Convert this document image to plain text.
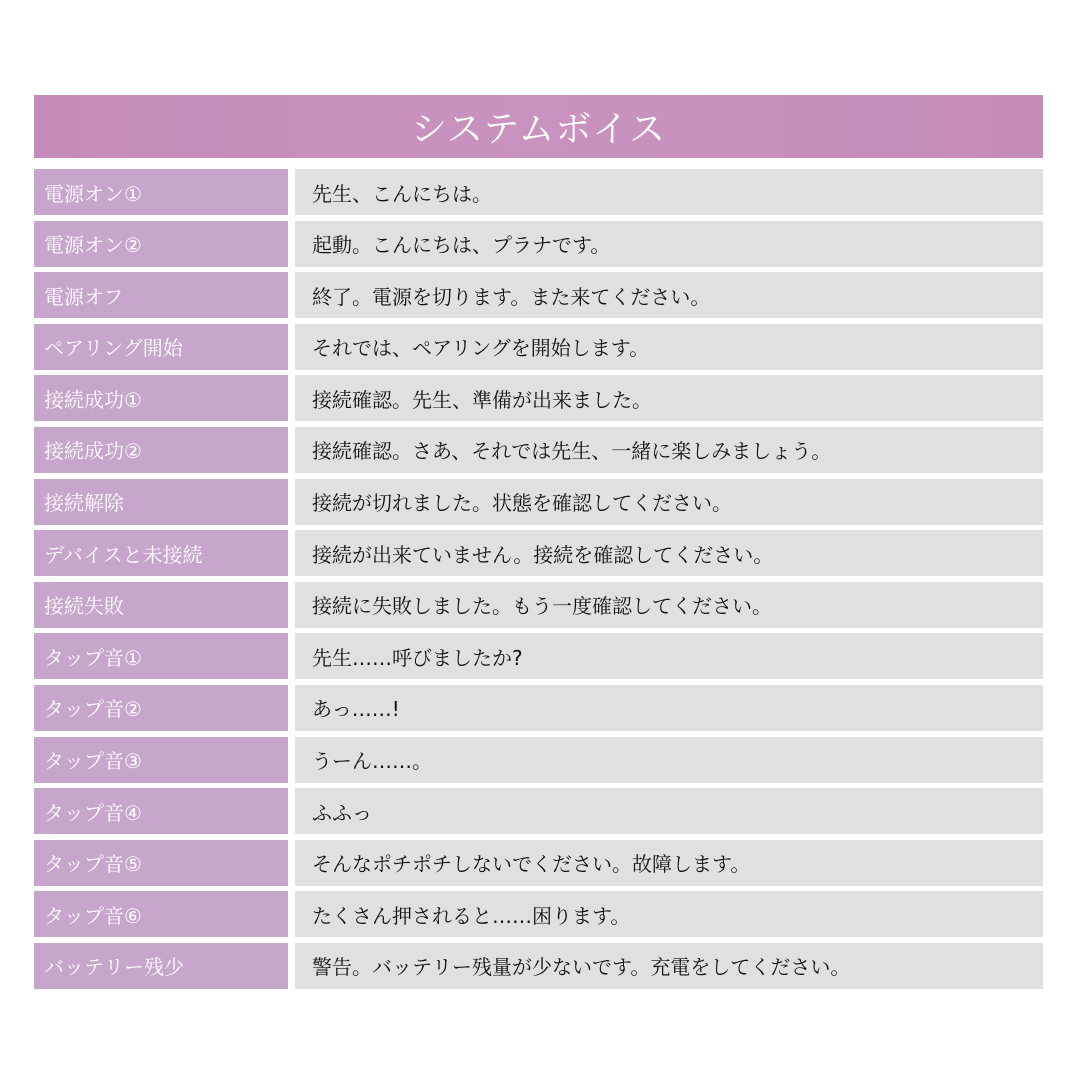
システムボイス
電源オン①	先生、こんにちは。
電源オン②	起動。こんにちは、プラナです。
電源オフ	終了。電源を切ります。また来てください。
ペアリング開始	それでは、ペアリングを開始します。
接続成功①	接続確認。先生、準備が出来ました。
接続成功②	接続確認。さあ、それでは先生、一緒に楽しみましょう。
接続解除	接続が切れました。状態を確認してください。
デバイスと未接続	接続が出来ていません。接続を確認してください。
接続失敗	接続に失敗しました。もう一度確認してください。
タップ音①	先生……呼びましたか?
タップ音②	あっ……!
タップ音③	うーん……。
タップ音④	ふふっ
タップ音⑤	そんなポチポチしないでください。故障します。
タップ音⑥	たくさん押されると……困ります。
バッテリー残少	警告。バッテリー残量が少ないです。充電をしてください。
